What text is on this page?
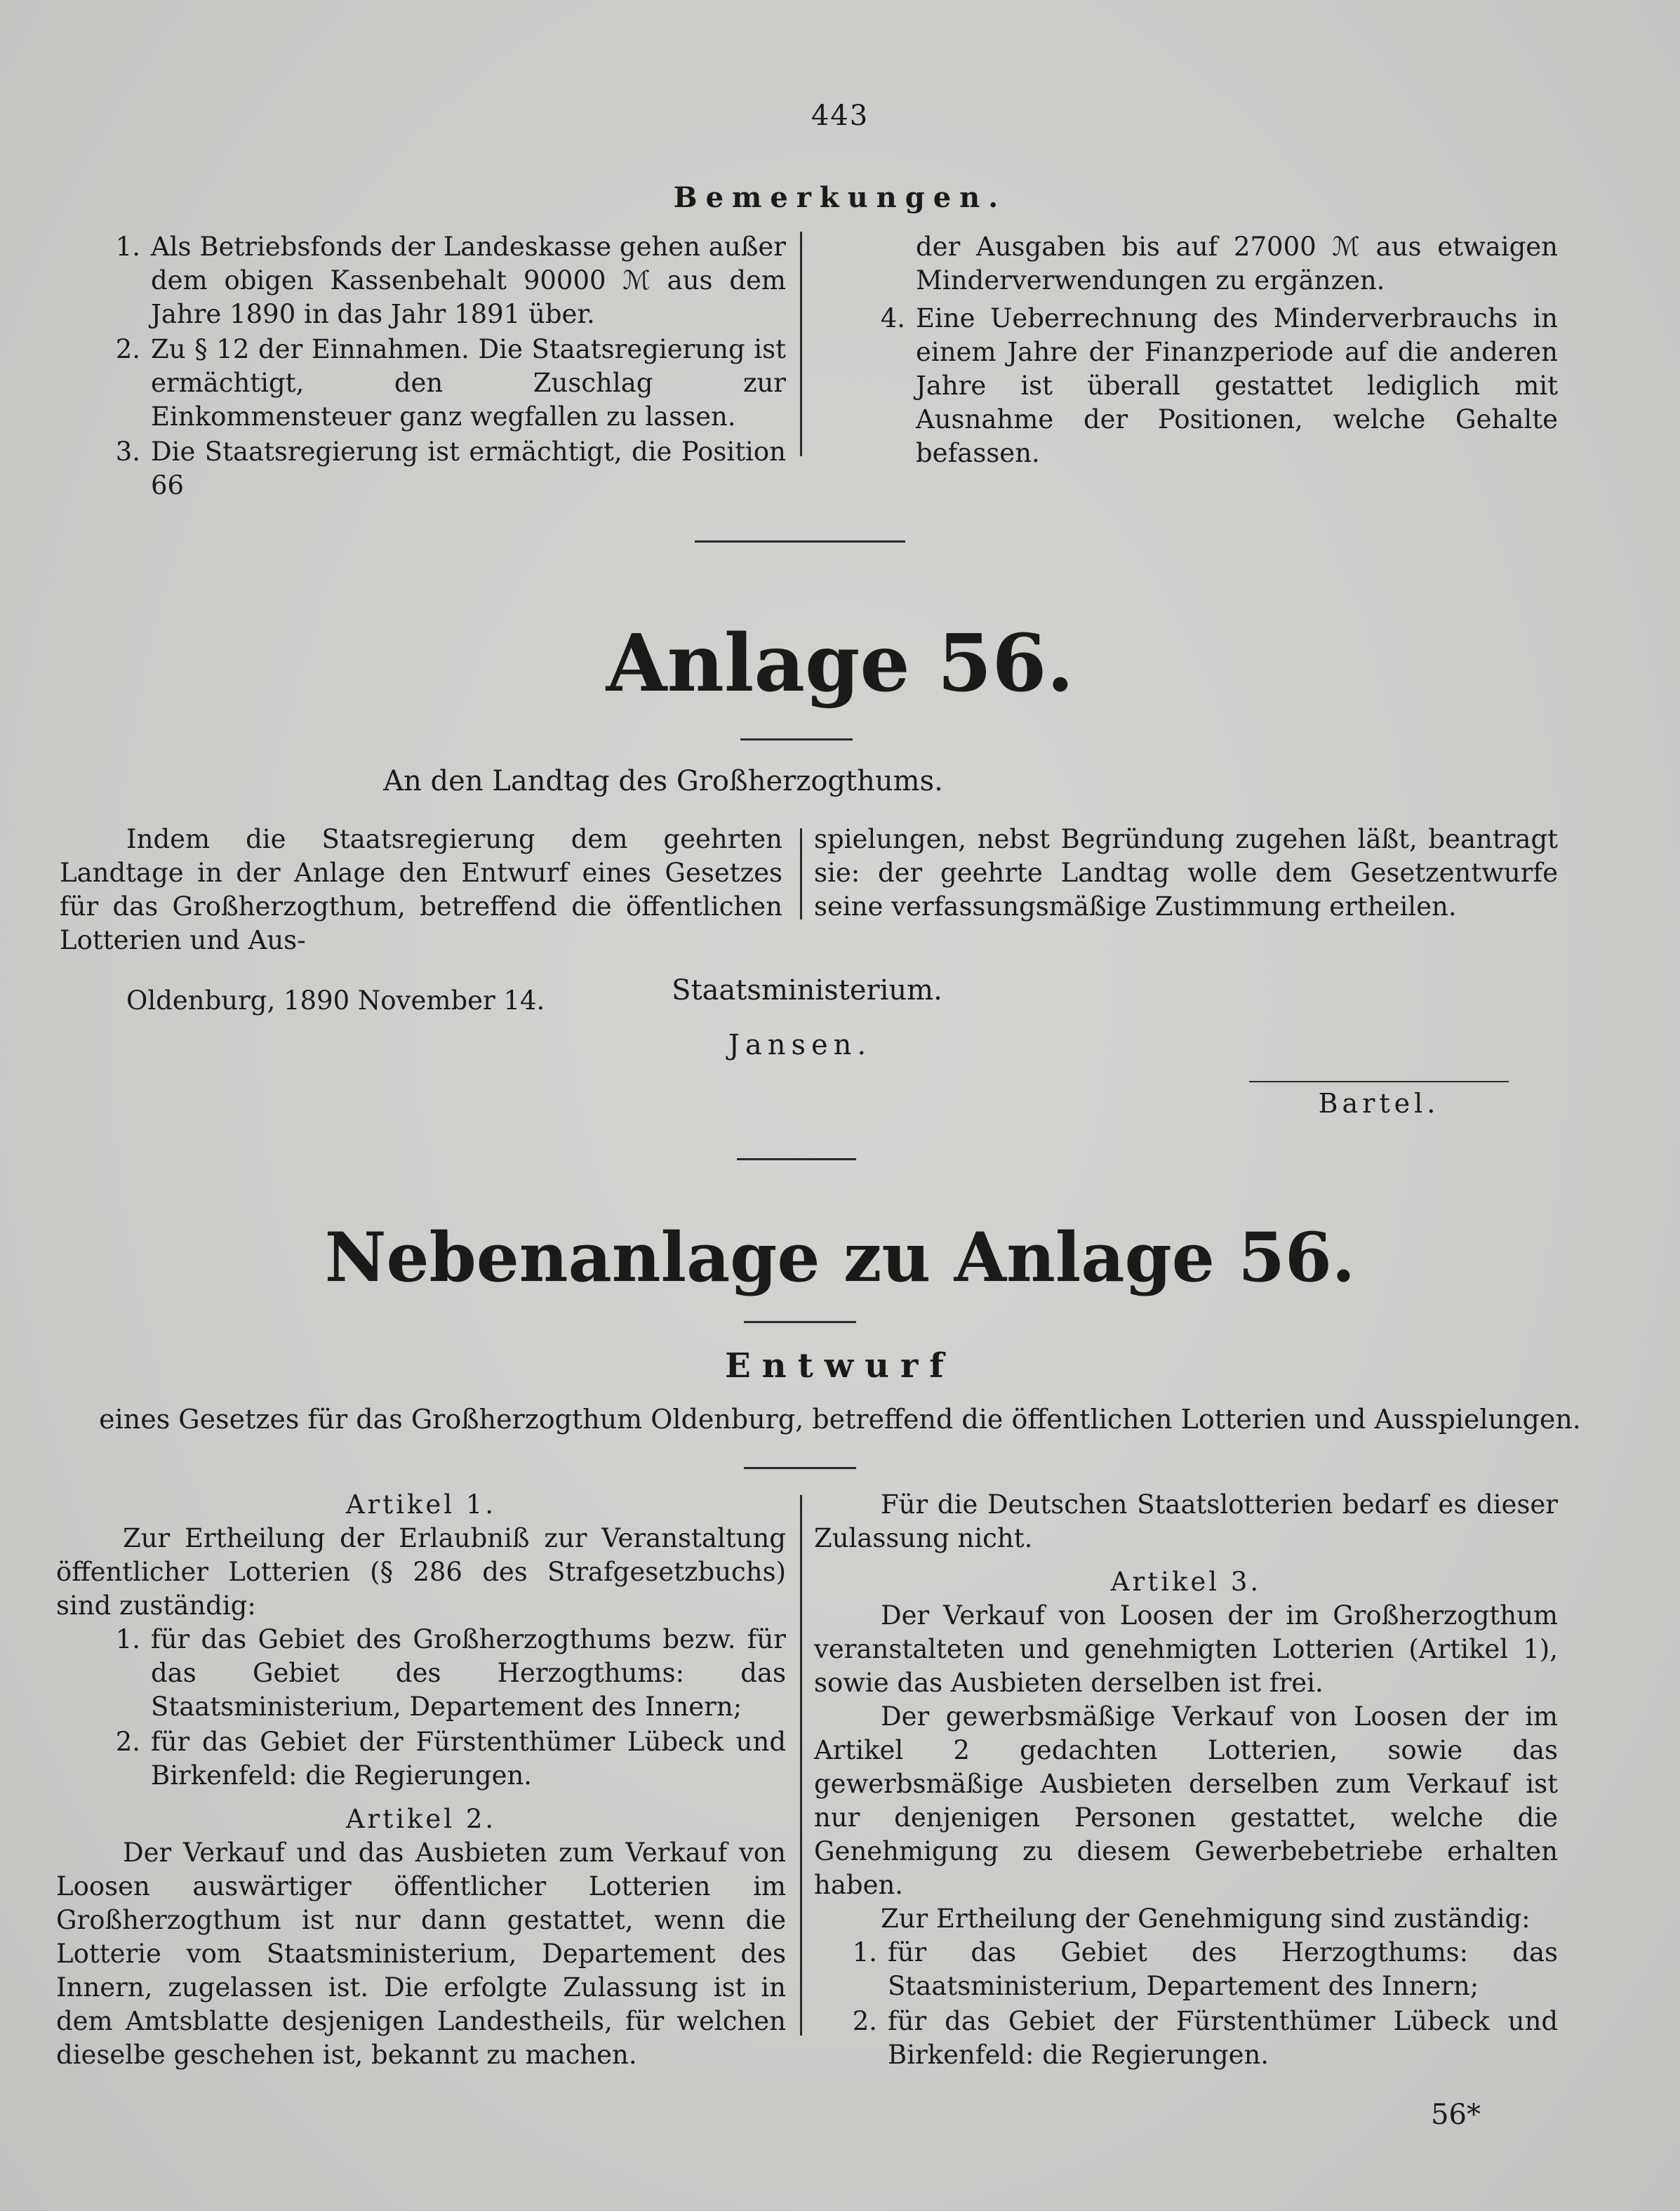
443
Bemerkungen.
1. Als Betriebsfonds der Landeskasse gehen außer dem obigen Kassenbehalt 90000 ℳ aus dem Jahre 1890 in das Jahr 1891 über.
2. Zu § 12 der Einnahmen. Die Staatsregierung ist ermächtigt, den Zuschlag zur Einkommensteuer ganz wegfallen zu lassen.
3. Die Staatsregierung ist ermächtigt, die Position 66

der Ausgaben bis auf 27000 ℳ aus etwaigen Minderverwendungen zu ergänzen.

4. Eine Ueberrechnung des Minderverbrauchs in einem Jahre der Finanzperiode auf die anderen Jahre ist überall gestattet lediglich mit Ausnahme der Positionen, welche Gehalte befassen.
Anlage 56.
An den Landtag des Großherzogthums.

Indem die Staatsregierung dem geehrten Landtage in der Anlage den Entwurf eines Gesetzes für das Großherzogthum, betreffend die öffentlichen Lotterien und Aus-

Oldenburg, 1890 November 14.

spielungen, nebst Begründung zugehen läßt, beantragt sie: der geehrte Landtag wolle dem Gesetzentwurfe seine verfassungsmäßige Zustimmung ertheilen.

Staatsministerium.
Jansen.
Bartel.
Nebenanlage zu Anlage 56.
Entwurf
eines Gesetzes für das Großherzogthum Oldenburg, betreffend die öffentlichen Lotterien und Ausspielungen.

Artikel 1.

Zur Ertheilung der Erlaubniß zur Veranstaltung öffentlicher Lotterien (§ 286 des Strafgesetzbuchs) sind zuständig:

1. für das Gebiet des Großherzogthums bezw. für das Gebiet des Herzogthums: das Staatsministerium, Departement des Innern;
2. für das Gebiet der Fürstenthümer Lübeck und Birkenfeld: die Regierungen.

Artikel 2.

Der Verkauf und das Ausbieten zum Verkauf von Loosen auswärtiger öffentlicher Lotterien im Großherzogthum ist nur dann gestattet, wenn die Lotterie vom Staatsministerium, Departement des Innern, zugelassen ist. Die erfolgte Zulassung ist in dem Amtsblatte desjenigen Landestheils, für welchen dieselbe geschehen ist, bekannt zu machen.

Für die Deutschen Staatslotterien bedarf es dieser Zulassung nicht.

Artikel 3.

Der Verkauf von Loosen der im Großherzogthum veranstalteten und genehmigten Lotterien (Artikel 1), sowie das Ausbieten derselben ist frei.

Der gewerbsmäßige Verkauf von Loosen der im Artikel 2 gedachten Lotterien, sowie das gewerbsmäßige Ausbieten derselben zum Verkauf ist nur denjenigen Personen gestattet, welche die Genehmigung zu diesem Gewerbebetriebe erhalten haben.

Zur Ertheilung der Genehmigung sind zuständig:

1. für das Gebiet des Herzogthums: das Staatsministerium, Departement des Innern;
2. für das Gebiet der Fürstenthümer Lübeck und Birkenfeld: die Regierungen.
56*
